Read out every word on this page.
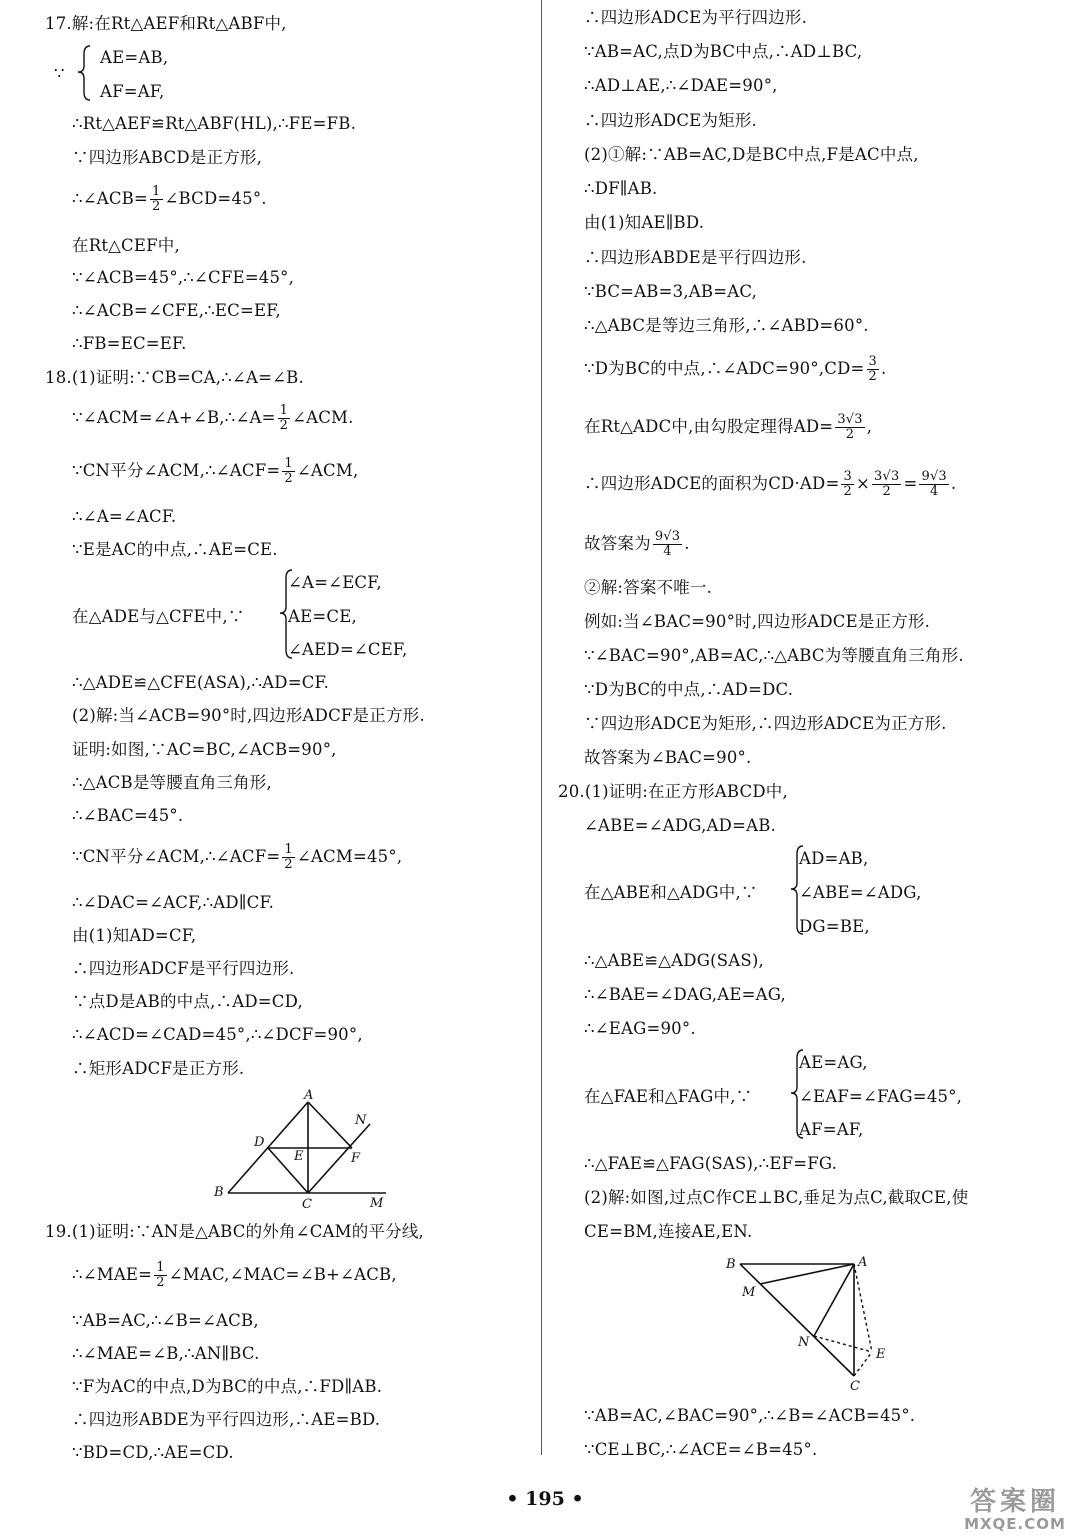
17.解:在Rt△AEF和Rt△ABF中,
AE=AB,
AF=AF,
∴Rt△AEF≌Rt△ABF(HL),∴FE=FB.
∵四边形ABCD是正方形,
在Rt△CEF中,
∵∠ACB=45°,∴∠CFE=45°,
∴∠ACB=∠CFE,∴EC=EF,
∴FB=EC=EF.
18.(1)证明:∵CB=CA,∴∠A=∠B.
∴∠A=∠ACF.
∵E是AC的中点,∴AE=CE.
∠A=∠ECF,
在△ADE与△CFE中,∵	AE=CE,
∠AED=∠CEF,
∴△ADE≌△CFE(ASA),∴AD=CF.
(2)解:当∠ACB=90°时,四边形ADCF是正方形.
证明:如图,∵AC=BC,∠ACB=90°,
∴△ACB是等腰直角三角形,
∴∠BAC=45°.
∴∠DAC=∠ACF,∴AD∥CF.
由(1)知AD=CF,
∴四边形ADCF是平行四边形.
∵点D是AB的中点,∴AD=CD,
∴∠ACD=∠CAD=45°,∴∠DCF=90°,
∴矩形ADCF是正方形.
19.(1)证明:∵AN是△ABC的外角∠CAM的平分线,
∵AB=AC,∴∠B=∠ACB,
∴∠MAE=∠B,∴AN∥BC.
∵F为AC的中点,D为BC的中点,∴FD∥AB.
∴四边形ABDE为平行四边形,∴AE=BD.
∵BD=CD,∴AE=CD.
∴∠ACB= $\frac{1}{2}$ ∠BCD=45°.
∵∠ACM=∠A+∠B,∴∠A= $\frac{1}{2}$ ∠ACM.
∵CN平分∠ACM,∴∠ACF= $\frac{1}{2}$ ∠ACM,
∵CN平分∠ACM,∴∠ACF= $\frac{1}{2}$ ∠ACM=45°,
∴∠MAE= $\frac{1}{2}$ ∠MAC,∠MAC=∠B+∠ACB,
∵
∴四边形ADCE为平行四边形.
∵AB=AC,点D为BC中点,∴AD⊥BC,
∴AD⊥AE,∴∠DAE=90°,
∴四边形ADCE为矩形.
(2)①解:∵AB=AC,D是BC中点,F是AC中点,
∴DF∥AB.
由(1)知AE∥BD.
∴四边形ABDE是平行四边形.
∵BC=AB=3,AB=AC,
∴△ABC是等边三角形,∴∠ABD=60°.
②解:答案不唯一.
例如:当∠BAC=90°时,四边形ADCE是正方形.
∵∠BAC=90°,AB=AC,∴△ABC为等腰直角三角形.
∵D为BC的中点,∴AD=DC.
∵四边形ADCE为矩形,∴四边形ADCE为正方形.
故答案为∠BAC=90°.
20.(1)证明:在正方形ABCD中,
∠ABE=∠ADG,AD=AB.
AD=AB,
在△ABE和△ADG中,∵	∠ABE=∠ADG,
DG=BE,
∴△ABE≌△ADG(SAS),
∴∠BAE=∠DAG,AE=AG,
∴∠EAG=90°.
AE=AG,
在△FAE和△FAG中,∵	∠EAF=∠FAG=45°,
AF=AF,
∴△FAE≌△FAG(SAS),∴EF=FG.
(2)解:如图,过点C作CE⊥BC,垂足为点C,截取CE,使
CE=BM,连接AE,EN.
∵AB=AC,∠BAC=90°,∴∠B=∠ACB=45°.
∵CE⊥BC,∴∠ACE=∠B=45°.
∵D为BC的中点,∴∠ADC=90°,CD= $\frac{3}{2}$ .
在Rt△ADC中,由勾股定理得$AD= \frac{3√3}{2}$ ,
∴四边形ADCE的面积为$CD\cdot AD= \frac{3}{2} \times \frac{3√3}{2} = \frac{9√3}{4}$ .
故答案为 $\frac{9√3}{4}$ .
A
B
C
D
E	F
M
N
B	A
M
N
E
C
• 195 •	答案圈
MXQE.COM
